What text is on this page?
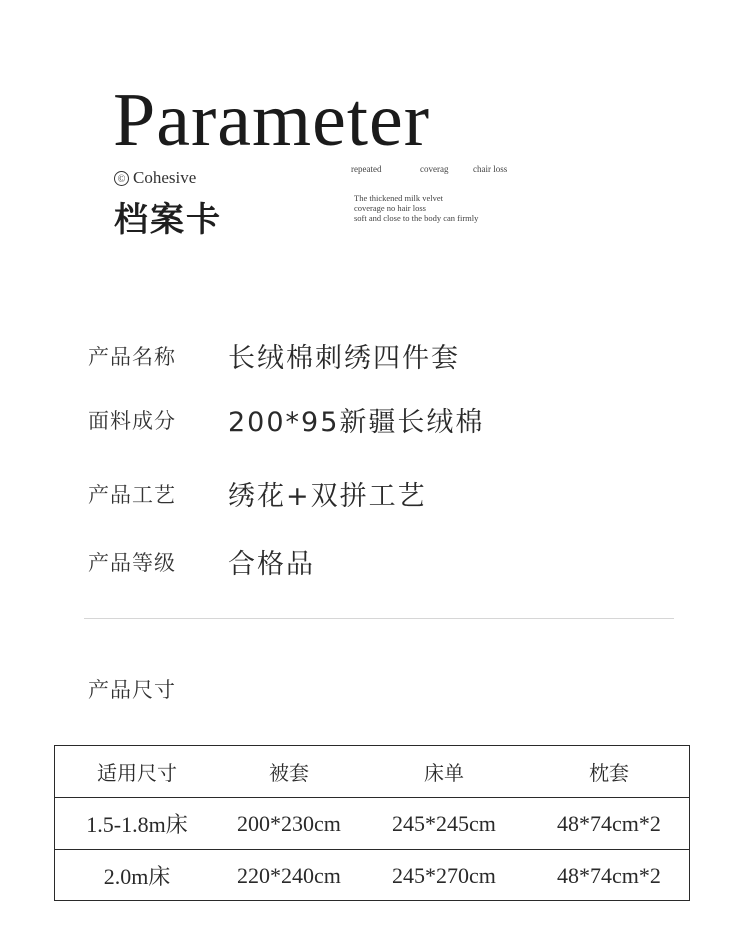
Parameter
© Cohesive
档案卡
repeated	coverag	chair loss
The thickened milk velvet
coverage no hair loss
soft and close to the body can firmly
产品名称	长绒棉刺绣四件套
面料成分	200*95新疆长绒棉
产品工艺	绣花+双拼工艺
产品等级	合格品
产品尺寸
适用尺寸	被套	床单	枕套
1.5-1.8m床	200*230cm	245*245cm	48*74cm*2
2.0m床	220*240cm	245*270cm	48*74cm*2
